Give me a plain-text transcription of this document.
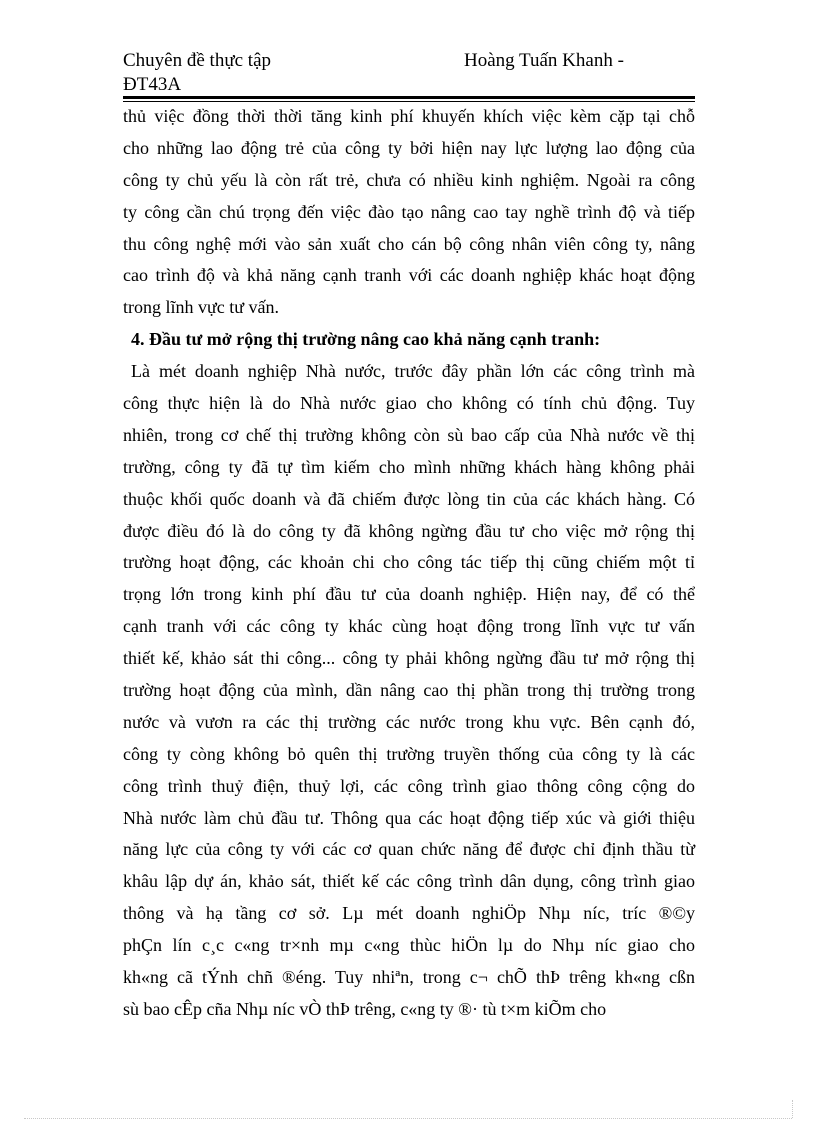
Chuyên đề thực tập	Hoàng Tuấn Khanh -
ĐT43A
thủ việc đồng thời thời tăng kinh phí khuyến khích việc kèm cặp tại chỗ
cho những lao động trẻ của công ty bởi hiện nay lực lượng lao động của
công ty chủ yếu là còn rất trẻ, chưa có nhiều kinh nghiệm. Ngoài ra công
ty công cần chú trọng đến việc đào tạo nâng cao tay nghề trình độ và tiếp
thu công nghệ mới vào sản xuất cho cán bộ công nhân viên công ty, nâng
cao trình độ và khả năng cạnh tranh với các doanh nghiệp khác hoạt động
trong lĩnh vực tư vấn.
4. Đầu tư mở rộng thị trường nâng cao khả năng cạnh tranh:
Là mét doanh nghiệp Nhà nước, trước đây phần lớn các công trình mà
công thực hiện là do Nhà nước giao cho không có tính chủ động. Tuy
nhiên, trong cơ chế thị trường không còn sù bao cấp của Nhà nước về thị
trường, công ty đã tự tìm kiếm cho mình những khách hàng không phải
thuộc khối quốc doanh và đã chiếm được lòng tin của các khách hàng. Có
được điều đó là do công ty đã không ngừng đầu tư cho việc mở rộng thị
trường hoạt động, các khoản chi cho công tác tiếp thị cũng chiếm một tỉ
trọng lớn trong kinh phí đầu tư của doanh nghiệp. Hiện nay, để có thể
cạnh tranh với các công ty khác cùng hoạt động trong lĩnh vực tư vấn
thiết kế, khảo sát thi công... công ty phải không ngừng đầu tư mở rộng thị
trường hoạt động của mình, dần nâng cao thị phần trong thị trường trong
nước và vươn ra các thị trường các nước trong khu vực. Bên cạnh đó,
công ty còng không bỏ quên thị trường truyền thống của công ty là các
công trình thuỷ điện, thuỷ lợi, các công trình giao thông công cộng do
Nhà nước làm chủ đầu tư. Thông qua các hoạt động tiếp xúc và giới thiệu
năng lực của công ty với các cơ quan chức năng để được chỉ định thầu từ
khâu lập dự án, khảo sát, thiết kế các công trình dân dụng, công trình giao
thông và hạ tầng cơ sở. Lµ mét doanh nghiÖp Nhµ níc, tríc ®©y
phÇn lín c¸c c«ng tr×nh mµ c«ng thùc hiÖn lµ do Nhµ níc giao cho
kh«ng cã tÝnh chñ ®éng. Tuy nhiªn, trong c¬ chÕ thÞ trêng kh«ng cßn
sù bao cÊp cña Nhµ níc vÒ thÞ trêng, c«ng ty ®· tù t×m kiÕm cho
